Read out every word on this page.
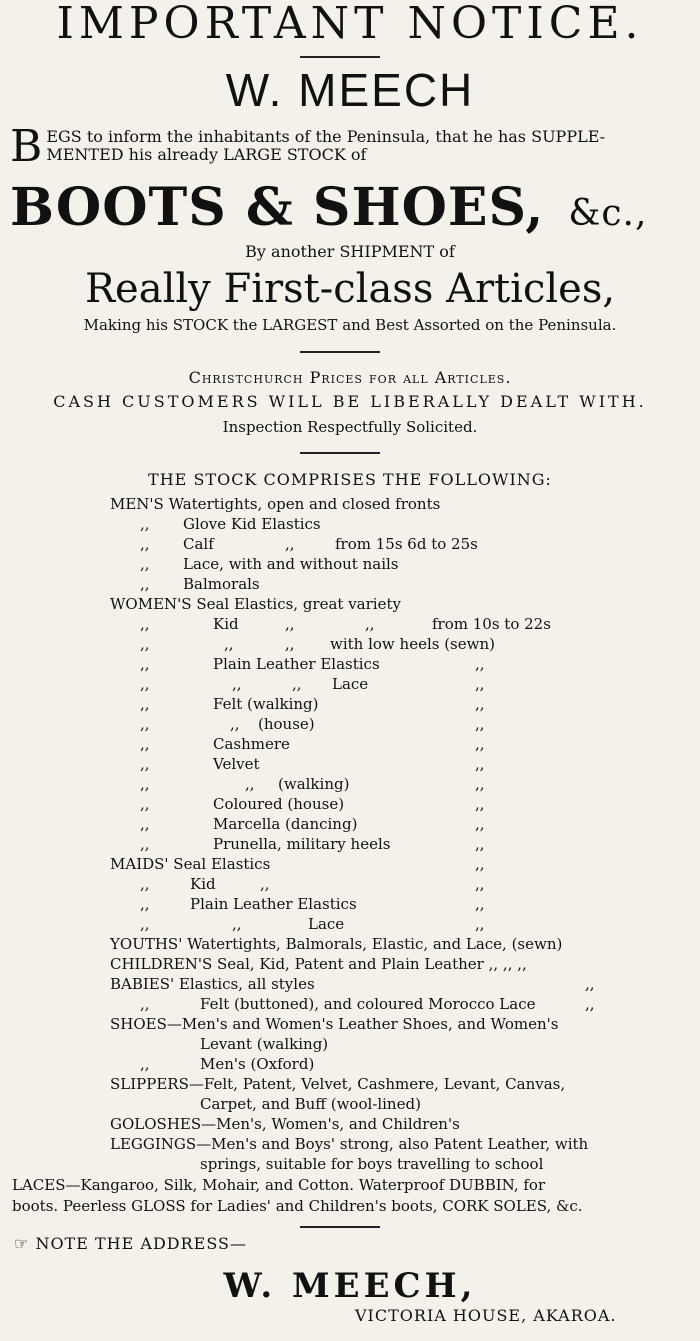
IMPORTANT NOTICE.
W. MEECH
B EGS to inform the inhabitants of the Peninsula, that he has SUPPLE-
MENTED his already LARGE STOCK of
BOOTS & SHOES, &c.,
By another SHIPMENT of
Really First-class Articles,
Making his STOCK the LARGEST and Best Assorted on the Peninsula.
Christchurch Prices for all Articles.
CASH CUSTOMERS WILL BE LIBERALLY DEALT WITH.
Inspection Respectfully Solicited.
THE STOCK COMPRISES THE FOLLOWING:
MEN'S Watertights, open and closed fronts
,, Glove Kid Elastics
,, Calf	,,	from 15s 6d to 25s
,, Lace, with and without nails
,, Balmorals
WOMEN'S Seal Elastics, great variety
,,	Kid	,,	,,	from 10s to 22s
,,	,,	,, with low heels (sewn)
,,	Plain Leather Elastics	,,
,,	,,	,, Lace	,,
,,	Felt (walking)	,,
,,	,, (house)	,,
,,	Cashmere	,,
,,	Velvet	,,
,,	,, (walking)	,,
,,	Coloured (house)	,,
,,	Marcella (dancing)	,,
,,	Prunella, military heels	,,
MAIDS' Seal Elastics	,,
,,	Kid	,,	,,
,,	Plain Leather Elastics	,,
,,	,,	Lace	,,
YOUTHS' Watertights, Balmorals, Elastic, and Lace, (sewn)
CHILDREN'S Seal, Kid, Patent and Plain Leather ,, ,, ,,
BABIES' Elastics, all styles	,,
,,	Felt (buttoned), and coloured Morocco Lace	,,
SHOES—Men's and Women's Leather Shoes, and Women's
Levant (walking)
,,	Men's (Oxford)
SLIPPERS—Felt, Patent, Velvet, Cashmere, Levant, Canvas,
Carpet, and Buff (wool-lined)
GOLOSHES—Men's, Women's, and Children's
LEGGINGS—Men's and Boys' strong, also Patent Leather, with
springs, suitable for boys travelling to school
LACES—Kangaroo, Silk, Mohair, and Cotton. Waterproof DUBBIN, for
boots. Peerless GLOSS for Ladies' and Children's boots, CORK SOLES, &c.
☞ NOTE THE ADDRESS—
W. MEECH,
VICTORIA HOUSE, AKAROA.
